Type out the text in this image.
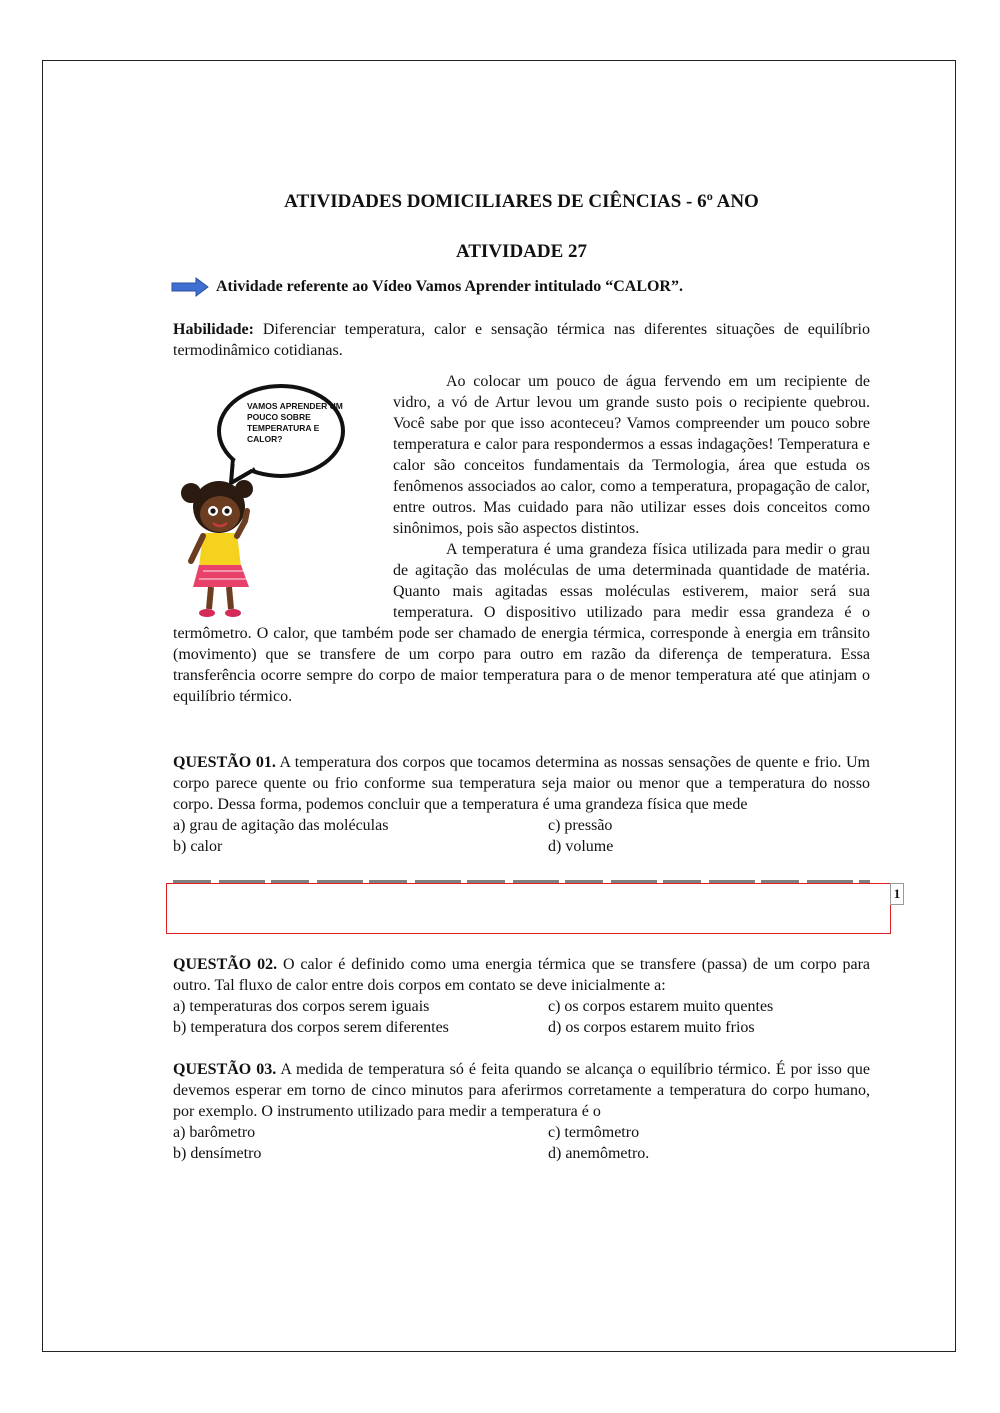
ATIVIDADES DOMICILIARES DE CIÊNCIAS - 6º ANO
ATIVIDADE 27
Atividade referente ao Vídeo Vamos Aprender intitulado “CALOR”.

Habilidade: Diferenciar temperatura, calor e sensação térmica nas diferentes situações de equilíbrio termodinâmico cotidianas.

VAMOS APRENDER UM POUCO SOBRE TEMPERATURA E CALOR?

Ao colocar um pouco de água fervendo em um recipiente de vidro, a vó de Artur levou um grande susto pois o recipiente quebrou. Você sabe por que isso aconteceu? Vamos compreender um pouco sobre temperatura e calor para respondermos a essas indagações! Temperatura e calor são conceitos fundamentais da Termologia, área que estuda os fenômenos associados ao calor, como a temperatura, propagação de calor, entre outros. Mas cuidado para não utilizar esses dois conceitos como sinônimos, pois são aspectos distintos.

A temperatura é uma grandeza física utilizada para medir o grau de agitação das moléculas de uma determinada quantidade de matéria. Quanto mais agitadas essas moléculas estiverem, maior será sua temperatura. O dispositivo utilizado para medir essa grandeza é o termômetro. O calor, que também pode ser chamado de energia térmica, corresponde à energia em trânsito (movimento) que se transfere de um corpo para outro em razão da diferença de temperatura. Essa transferência ocorre sempre do corpo de maior temperatura para o de menor temperatura até que atinjam o equilíbrio térmico.

QUESTÃO 01. A temperatura dos corpos que tocamos determina as nossas sensações de quente e frio. Um corpo parece quente ou frio conforme sua temperatura seja maior ou menor que a temperatura do nosso corpo. Dessa forma, podemos concluir que a temperatura é uma grandeza física que mede

a) grau de agitação das moléculas	c) pressão
b) calor	d) volume
1

QUESTÃO 02. O calor é definido como uma energia térmica que se transfere (passa) de um corpo para outro. Tal fluxo de calor entre dois corpos em contato se deve inicialmente a:

a) temperaturas dos corpos serem iguais	c) os corpos estarem muito quentes
b) temperatura dos corpos serem diferentes	d) os corpos estarem muito frios

QUESTÃO 03. A medida de temperatura só é feita quando se alcança o equilíbrio térmico. É por isso que devemos esperar em torno de cinco minutos para aferirmos corretamente a temperatura do corpo humano, por exemplo. O instrumento utilizado para medir a temperatura é o

a) barômetro	c) termômetro
b) densímetro	d) anemômetro.
